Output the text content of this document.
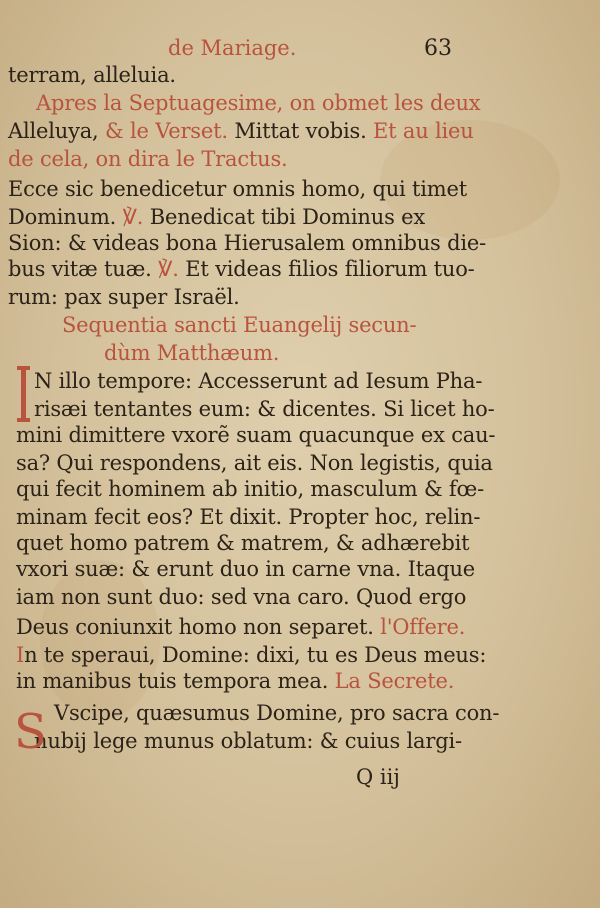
de Mariage.	63
terram, alleluia.
Apres la Septuagesime, on obmet les deux
Alleluya, & le Verset. Mittat vobis. Et au lieu
de cela, on dira le Tractus.
Ecce sic benedicetur omnis homo, qui timet
Dominum. ℣. Benedicat tibi Dominus ex
Sion: & videas bona Hierusalem omnibus die-
bus vitæ tuæ. ℣. Et videas filios filiorum tuo-
rum: pax super Israël.
Sequentia sancti Euangelij secun-
dùm Matthæum.
N illo tempore: Accesserunt ad Iesum Pha-
risæi tentantes eum: & dicentes. Si licet ho-
mini dimittere vxorẽ suam quacunque ex cau-
sa? Qui respondens, ait eis. Non legistis, quia
qui fecit hominem ab initio, masculum & fœ-
minam fecit eos? Et dixit. Propter hoc, relin-
quet homo patrem & matrem, & adhærebit
vxori suæ: & erunt duo in carne vna. Itaque
iam non sunt duo: sed vna caro. Quod ergo
Deus coniunxit homo non separet. l'Offere.
In te speraui, Domine: dixi, tu es Deus meus:
in manibus tuis tempora mea. La Secrete.
Vscipe, quæsumus Domine, pro sacra con-
nubij lege munus oblatum: & cuius largi-
S
Q iij
